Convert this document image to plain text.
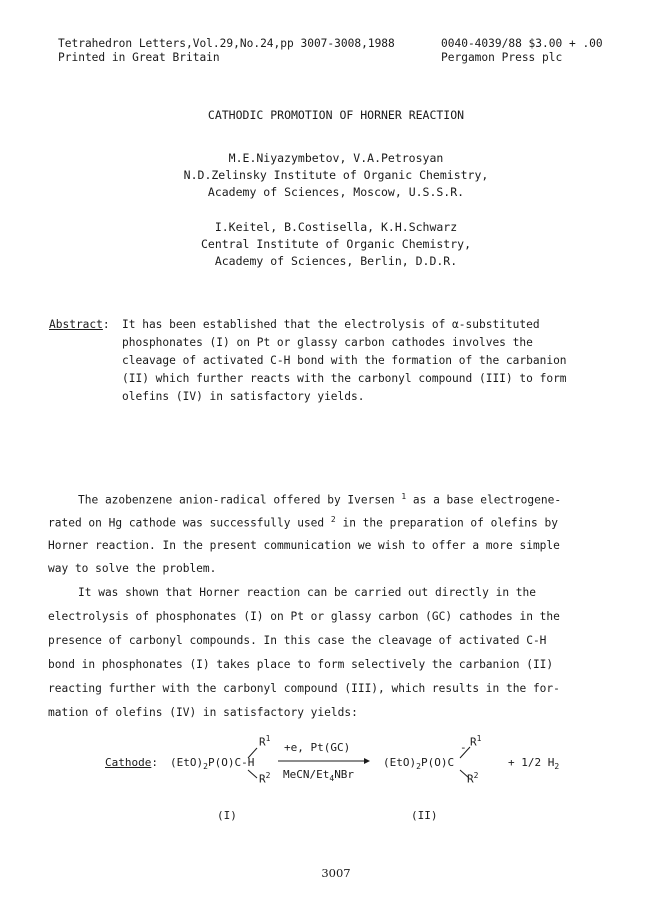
Tetrahedron Letters,Vol.29,No.24,pp 3007-3008,1988	0040-4039/88 $3.00 + .00
Printed in Great Britain	Pergamon Press plc
CATHODIC PROMOTION OF HORNER REACTION
M.E.Niyazymbetov, V.A.Petrosyan
N.D.Zelinsky Institute of Organic Chemistry,
Academy of Sciences, Moscow, U.S.S.R.
I.Keitel, B.Costisella, K.H.Schwarz
Central Institute of Organic Chemistry,
Academy of Sciences, Berlin, D.D.R.
Abstract: It has been established that the electrolysis of α-substituted
phosphonates (I) on Pt or glassy carbon cathodes involves the
cleavage of activated C-H bond with the formation of the carbanion
(II) which further reacts with the carbonyl compound (III) to form
olefins (IV) in satisfactory yields.
The azobenzene anion-radical offered by Iversen $^1$ as a base electrogene-
rated on Hg cathode was successfully used $^2$ in the preparation of olefins by
Horner reaction. In the present communication we wish to offer a more simple
way to solve the problem.
It was shown that Horner reaction can be carried out directly in the
electrolysis of phosphonates (I) on Pt or glassy carbon (GC) cathodes in the
presence of carbonyl compounds. In this case the cleavage of activated C-H
bond in phosphonates (I) takes place to form selectively the carbanion (II)
reacting further with the carbonyl compound (III), which results in the for-
mation of olefins (IV) in satisfactory yields:
Cathode: $(EtO)_2P(O)C-H$
$R^1$
$R^2$
+e, Pt(GC)
MeCN/$Et_4NBr$
$(EtO)_2P(O)C$
- $R^1$
$R^2$
+ 1/2 $H_2$
(I)	(II)
3007
